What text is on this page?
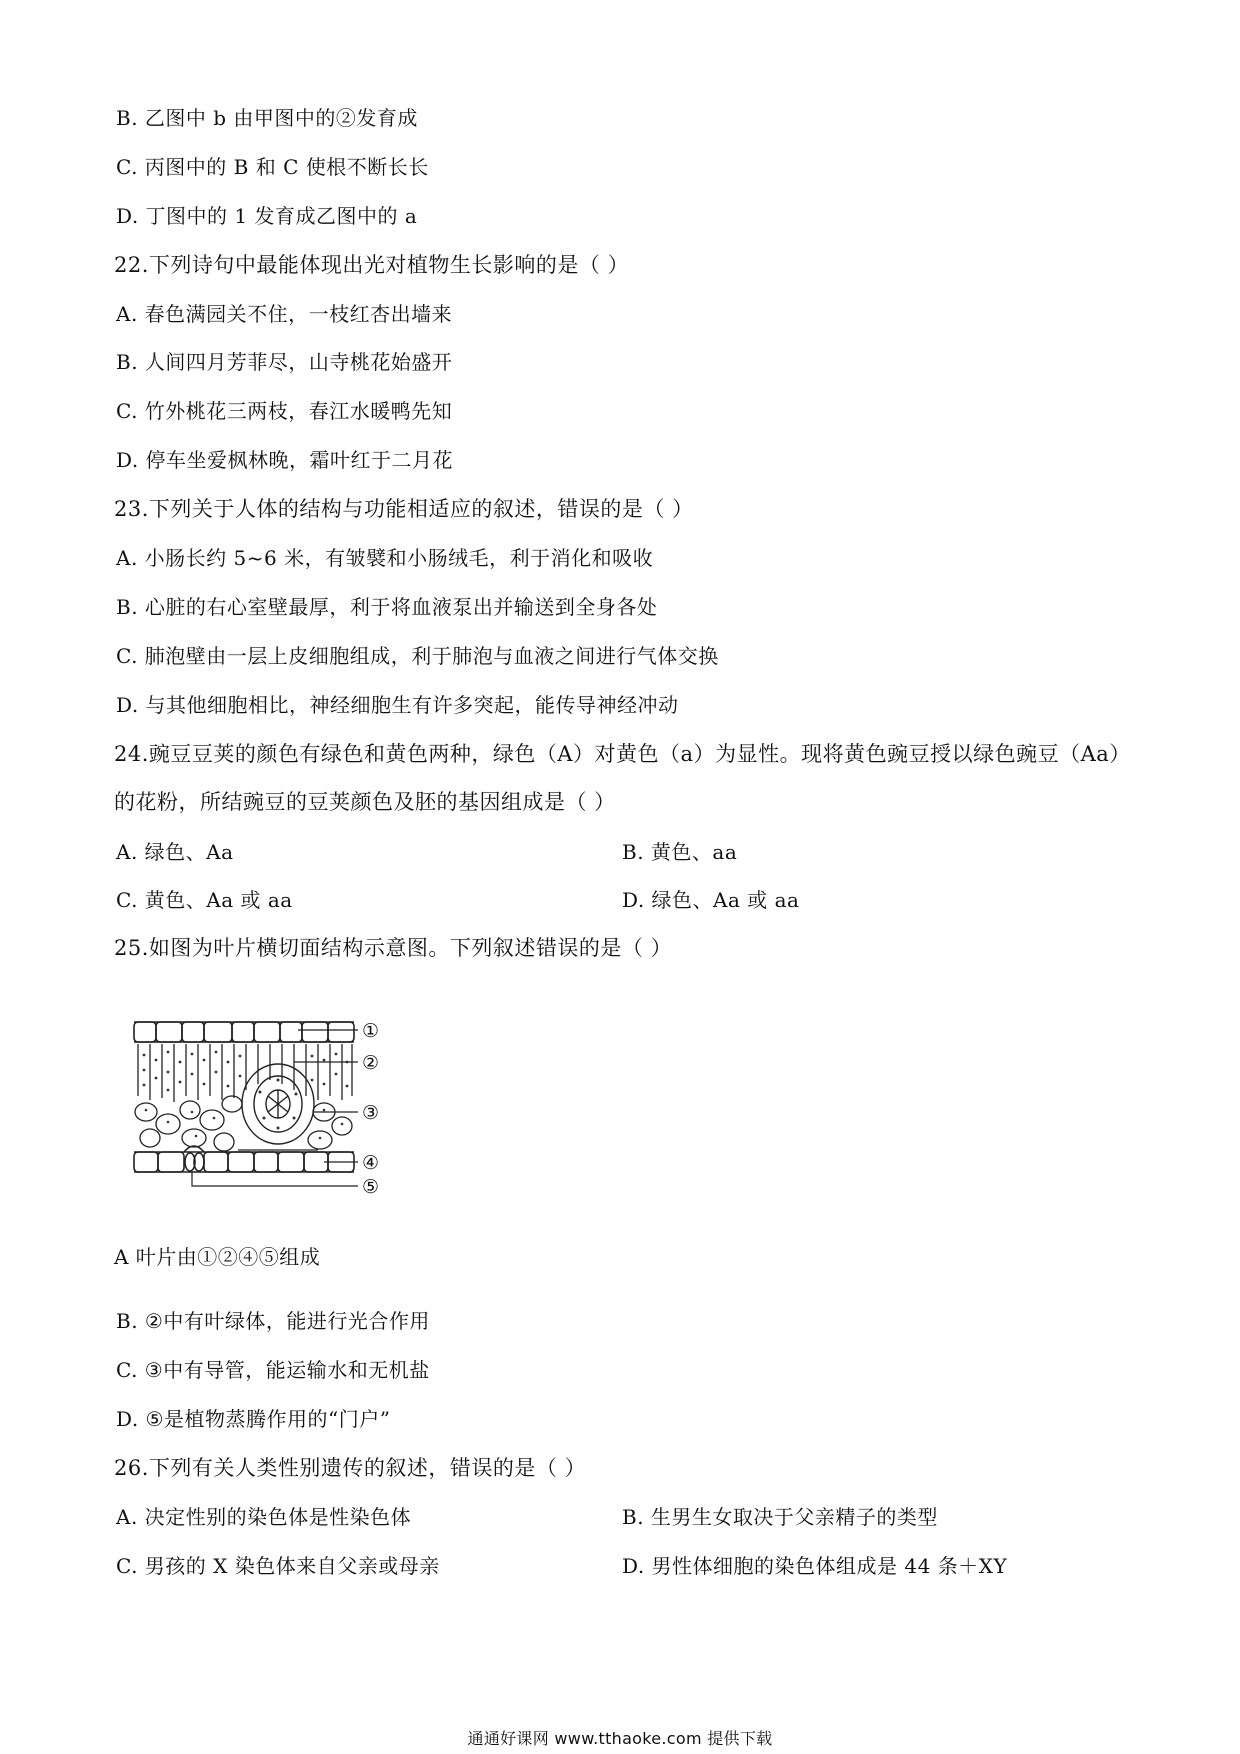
B. 乙图中 b 由甲图中的②发育成
C. 丙图中的 B 和 C 使根不断长长
D. 丁图中的 1 发育成乙图中的 a
22.下列诗句中最能体现出光对植物生长影响的是（ ）
A. 春色满园关不住，一枝红杏出墙来
B. 人间四月芳菲尽，山寺桃花始盛开
C. 竹外桃花三两枝，春江水暖鸭先知
D. 停车坐爱枫林晚，霜叶红于二月花
23.下列关于人体的结构与功能相适应的叙述，错误的是（ ）
A. 小肠长约 5~6 米，有皱襞和小肠绒毛，利于消化和吸收
B. 心脏的右心室壁最厚，利于将血液泵出并输送到全身各处
C. 肺泡壁由一层上皮细胞组成，利于肺泡与血液之间进行气体交换
D. 与其他细胞相比，神经细胞生有许多突起，能传导神经冲动
24.豌豆豆荚的颜色有绿色和黄色两种，绿色（A）对黄色（a）为显性。现将黄色豌豆授以绿色豌豆（Aa）
的花粉，所结豌豆的豆荚颜色及胚的基因组成是（ ）
A. 绿色、Aa	B. 黄色、aa
C. 黄色、Aa 或 aa	D. 绿色、Aa 或 aa
25.如图为叶片横切面结构示意图。下列叙述错误的是（ ）
①
②
③
④
⑤
A 叶片由①②④⑤组成
B. ②中有叶绿体，能进行光合作用
C. ③中有导管，能运输水和无机盐
D. ⑤是植物蒸腾作用的“门户”
26.下列有关人类性别遗传的叙述，错误的是（ ）
A. 决定性别的染色体是性染色体	B. 生男生女取决于父亲精子的类型
C. 男孩的 X 染色体来自父亲或母亲	D. 男性体细胞的染色体组成是 44 条＋XY
通通好课网 www.tthaoke.com 提供下载
